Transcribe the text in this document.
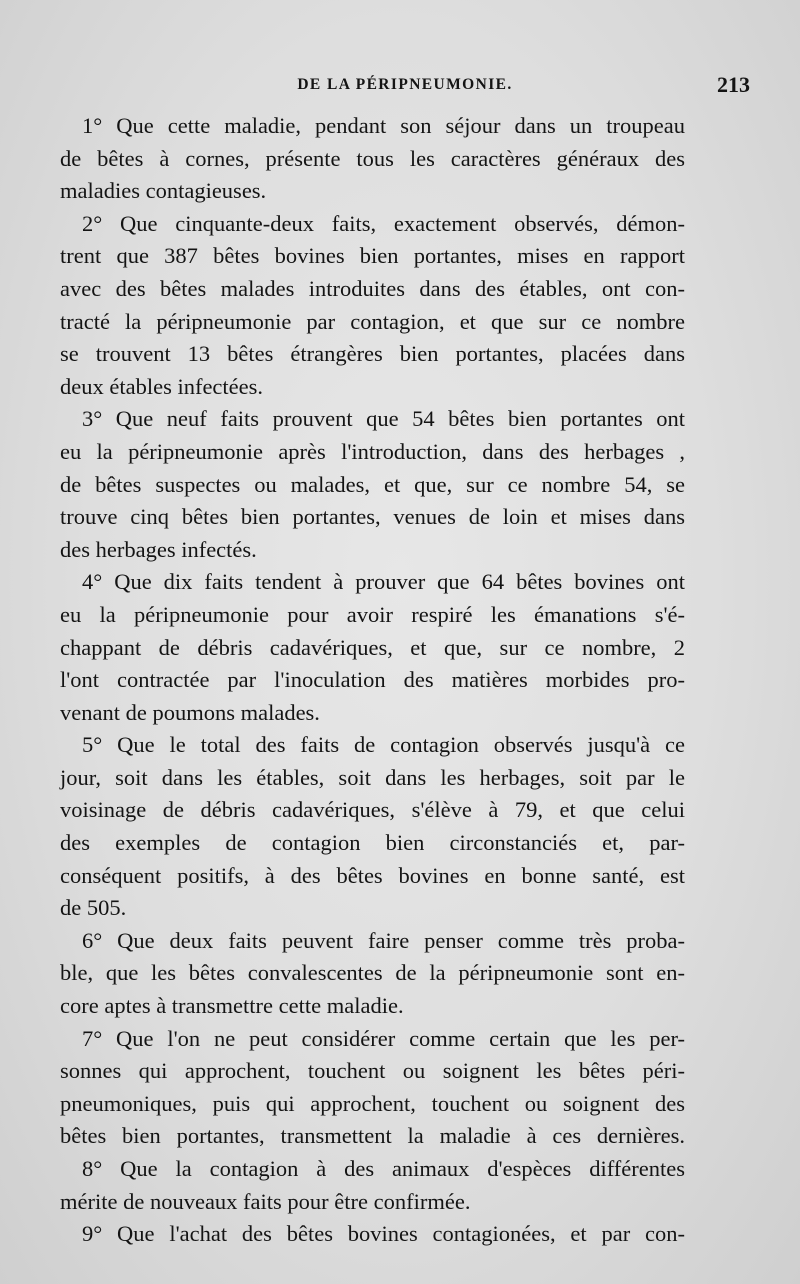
DE LA PÉRIPNEUMONIE.	213
1° Que cette maladie, pendant son séjour dans un troupeau
de bêtes à cornes, présente tous les caractères généraux des
maladies contagieuses.
2° Que cinquante-deux faits, exactement observés, démon-
trent que 387 bêtes bovines bien portantes, mises en rapport
avec des bêtes malades introduites dans des étables, ont con-
tracté la péripneumonie par contagion, et que sur ce nombre
se trouvent 13 bêtes étrangères bien portantes, placées dans
deux étables infectées.
3° Que neuf faits prouvent que 54 bêtes bien portantes ont
eu la péripneumonie après l'introduction, dans des herbages ,
de bêtes suspectes ou malades, et que, sur ce nombre 54, se
trouve cinq bêtes bien portantes, venues de loin et mises dans
des herbages infectés.
4° Que dix faits tendent à prouver que 64 bêtes bovines ont
eu la péripneumonie pour avoir respiré les émanations s'é-
chappant de débris cadavériques, et que, sur ce nombre, 2
l'ont contractée par l'inoculation des matières morbides pro-
venant de poumons malades.
5° Que le total des faits de contagion observés jusqu'à ce
jour, soit dans les étables, soit dans les herbages, soit par le
voisinage de débris cadavériques, s'élève à 79, et que celui
des exemples de contagion bien circonstanciés et, par-
conséquent positifs, à des bêtes bovines en bonne santé, est
de 505.
6° Que deux faits peuvent faire penser comme très proba-
ble, que les bêtes convalescentes de la péripneumonie sont en-
core aptes à transmettre cette maladie.
7° Que l'on ne peut considérer comme certain que les per-
sonnes qui approchent, touchent ou soignent les bêtes péri-
pneumoniques, puis qui approchent, touchent ou soignent des
bêtes bien portantes, transmettent la maladie à ces dernières.
8° Que la contagion à des animaux d'espèces différentes
mérite de nouveaux faits pour être confirmée.
9° Que l'achat des bêtes bovines contagionées, et par con-
